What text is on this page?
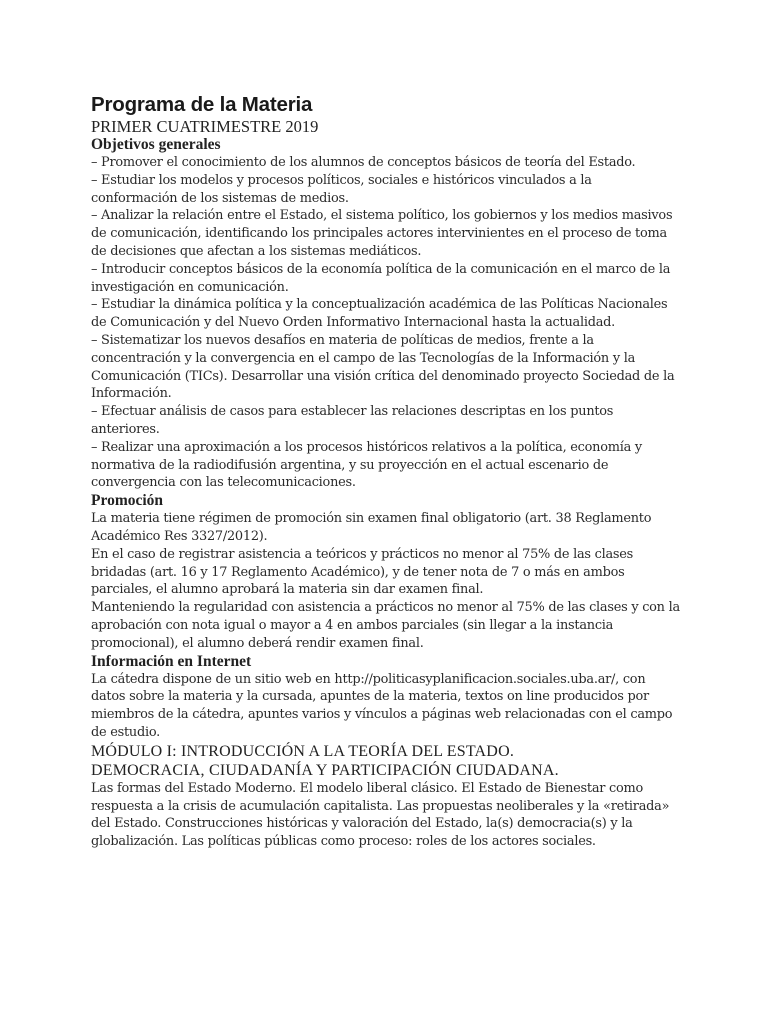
Programa de la Materia

PRIMER CUATRIMESTRE 2019

Objetivos generales

– Promover el conocimiento de los alumnos de conceptos básicos de teoría del Estado.
– Estudiar los modelos y procesos políticos, sociales e históricos vinculados a la conformación de los sistemas de medios.
– Analizar la relación entre el Estado, el sistema político, los gobiernos y los medios masivos de comunicación, identificando los principales actores intervinientes en el proceso de toma de decisiones que afectan a los sistemas mediáticos.
– Introducir conceptos básicos de la economía política de la comunicación en el marco de la investigación en comunicación.
– Estudiar la dinámica política y la conceptualización académica de las Políticas Nacionales de Comunicación y del Nuevo Orden Informativo Internacional hasta la actualidad.
– Sistematizar los nuevos desafíos en materia de políticas de medios, frente a la concentración y la convergencia en el campo de las Tecnologías de la Información y la Comunicación (TICs). Desarrollar una visión crítica del denominado proyecto Sociedad de la Información.
– Efectuar análisis de casos para establecer las relaciones descriptas en los puntos anteriores.
– Realizar una aproximación a los procesos históricos relativos a la política, economía y normativa de la radiodifusión argentina, y su proyección en el actual escenario de convergencia con las telecomunicaciones.

Promoción

La materia tiene régimen de promoción sin examen final obligatorio (art. 38 Reglamento Académico Res 3327/2012).

En el caso de registrar asistencia a teóricos y prácticos no menor al 75% de las clases bridadas (art. 16 y 17 Reglamento Académico), y de tener nota de 7 o más en ambos parciales, el alumno aprobará la materia sin dar examen final.

Manteniendo la regularidad con asistencia a prácticos no menor al 75% de las clases y con la aprobación con nota igual o mayor a 4 en ambos parciales (sin llegar a la instancia promocional), el alumno deberá rendir examen final.

Información en Internet

La cátedra dispone de un sitio web en http://politicasyplanificacion.sociales.uba.ar/, con datos sobre la materia y la cursada, apuntes de la materia, textos on line producidos por miembros de la cátedra, apuntes varios y vínculos a páginas web relacionadas con el campo de estudio.

MÓDULO I: INTRODUCCIÓN A LA TEORÍA DEL ESTADO.

DEMOCRACIA, CIUDADANÍA Y PARTICIPACIÓN CIUDADANA.

Las formas del Estado Moderno. El modelo liberal clásico. El Estado de Bienestar como respuesta a la crisis de acumulación capitalista. Las propuestas neoliberales y la «retirada» del Estado. Construcciones históricas y valoración del Estado, la(s) democracia(s) y la globalización. Las políticas públicas como proceso: roles de los actores sociales.
